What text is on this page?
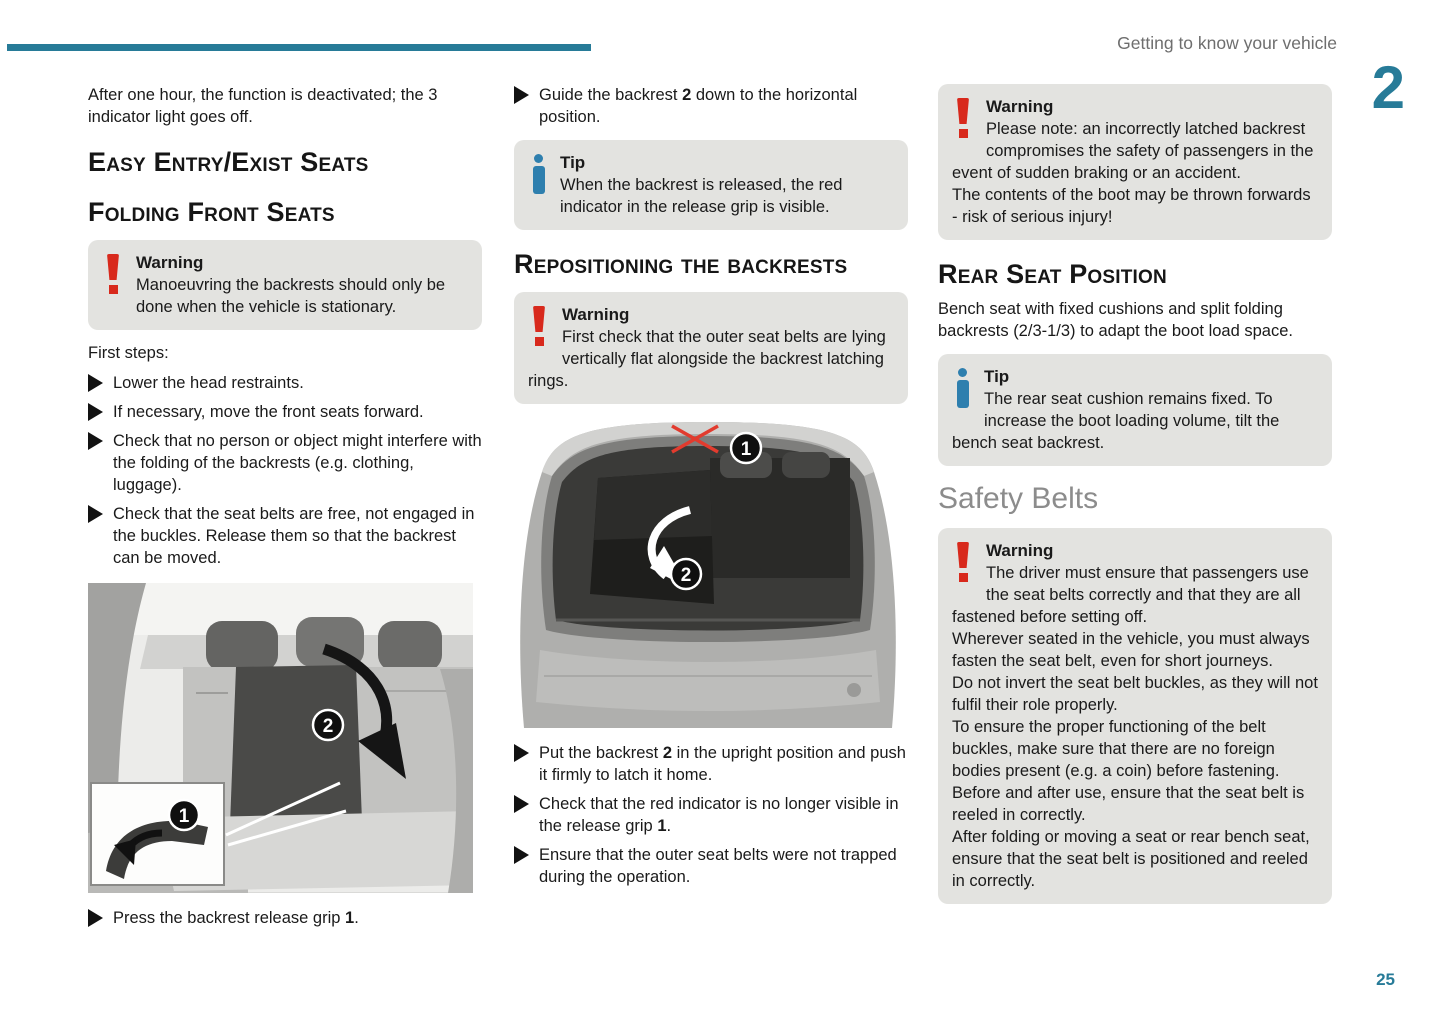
Getting to know your vehicle
2
25

After one hour, the function is deactivated; the 3 indicator light goes off.

Easy Entry/Exist Seats
Folding Front Seats
Warning
Manoeuvring the backrests should only be done when the vehicle is stationary.

First steps:

Lower the head restraints.
If necessary, move the front seats forward.
Check that no person or object might interfere with the folding of the backrests (e.g. clothing, luggage).
Check that the seat belts are free, not engaged in the buckles. Release them so that the backrest can be moved.
2
1
Press the backrest release grip 1.
Guide the backrest 2 down to the horizontal position.
Tip
When the backrest is released, the red indicator in the release grip is visible.
Repositioning the backrests
Warning
First check that the outer seat belts are lying vertically flat alongside the backrest latching rings.
1
2
Put the backrest 2 in the upright position and push it firmly to latch it home.
Check that the red indicator is no longer visible in the release grip 1.
Ensure that the outer seat belts were not trapped during the operation.
Warning

Please note: an incorrectly latched backrest compromises the safety of passengers in the event of sudden braking or an accident.

The contents of the boot may be thrown forwards - risk of serious injury!

Rear Seat Position

Bench seat with fixed cushions and split folding backrests (2/3-1/3) to adapt the boot load space.

Tip
The rear seat cushion remains fixed. To increase the boot loading volume, tilt the bench seat backrest.
Safety Belts
Warning

The driver must ensure that passengers use the seat belts correctly and that they are all fastened before setting off.

Wherever seated in the vehicle, you must always fasten the seat belt, even for short journeys.

Do not invert the seat belt buckles, as they will not fulfil their role properly.

To ensure the proper functioning of the belt buckles, make sure that there are no foreign bodies present (e.g. a coin) before fastening.

Before and after use, ensure that the seat belt is reeled in correctly.

After folding or moving a seat or rear bench seat, ensure that the seat belt is positioned and reeled in correctly.
